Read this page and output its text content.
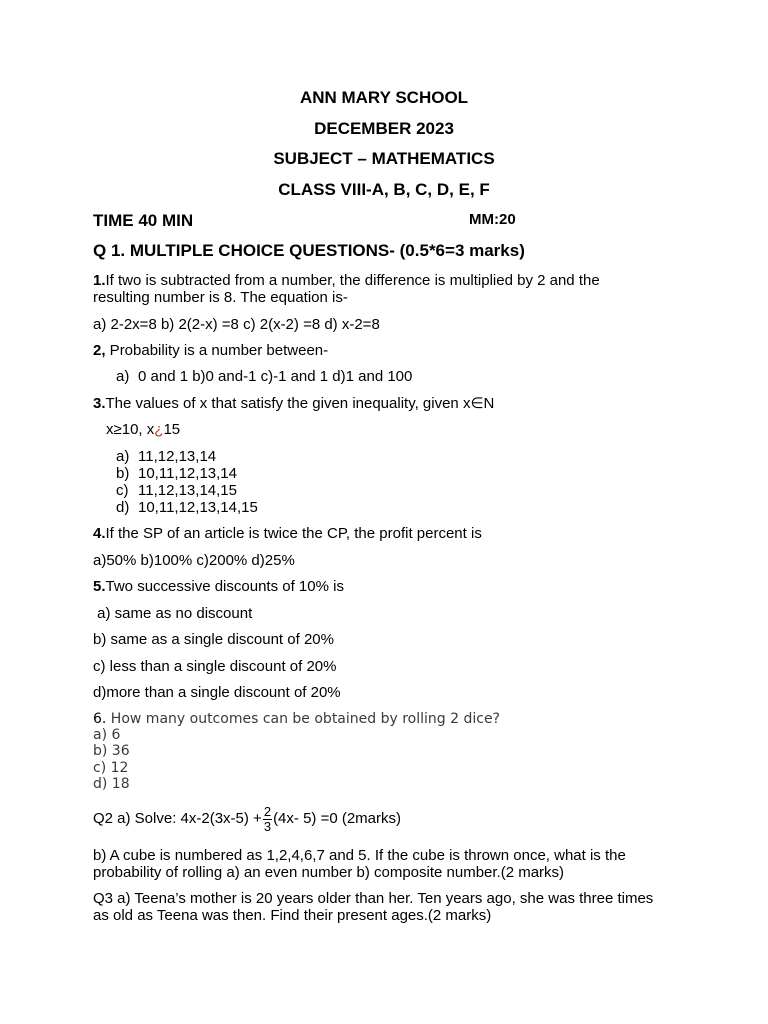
ANN MARY SCHOOL
DECEMBER 2023
SUBJECT – MATHEMATICS
CLASS VIII-A, B, C, D, E, F
TIME 40 MIN	MM:20
Q 1. MULTIPLE CHOICE QUESTIONS- (0.5*6=3 marks)
1.If two is subtracted from a number, the difference is multiplied by 2 and the
resulting number is 8. The equation is-
a) 2-2x=8 b) 2(2-x) =8 c) 2(x-2) =8 d) x-2=8
2, Probability is a number between-
a) 0 and 1 b)0 and-1 c)-1 and 1 d)1 and 100
3.The values of x that satisfy the given inequality, given x∈N
x≥10, x¿15
a) 11,12,13,14
b) 10,11,12,13,14
c) 11,12,13,14,15
d) 10,11,12,13,14,15
4.If the SP of an article is twice the CP, the profit percent is
a)50% b)100% c)200% d)25%
5.Two successive discounts of 10% is
a) same as no discount
b) same as a single discount of 20%
c) less than a single discount of 20%
d)more than a single discount of 20%
6. How many outcomes can be obtained by rolling 2 dice?
a) 6
b) 36
c) 12
d) 18
Q2 a) Solve: $4x-2(3x-5) + \frac{2}{3} (4x-$ 5) =0 (2marks)
b) A cube is numbered as 1,2,4,6,7 and 5. If the cube is thrown once, what is the
probability of rolling a) an even number b) composite number.(2 marks)
Q3 a) Teena’s mother is 20 years older than her. Ten years ago, she was three times
as old as Teena was then. Find their present ages.(2 marks)
